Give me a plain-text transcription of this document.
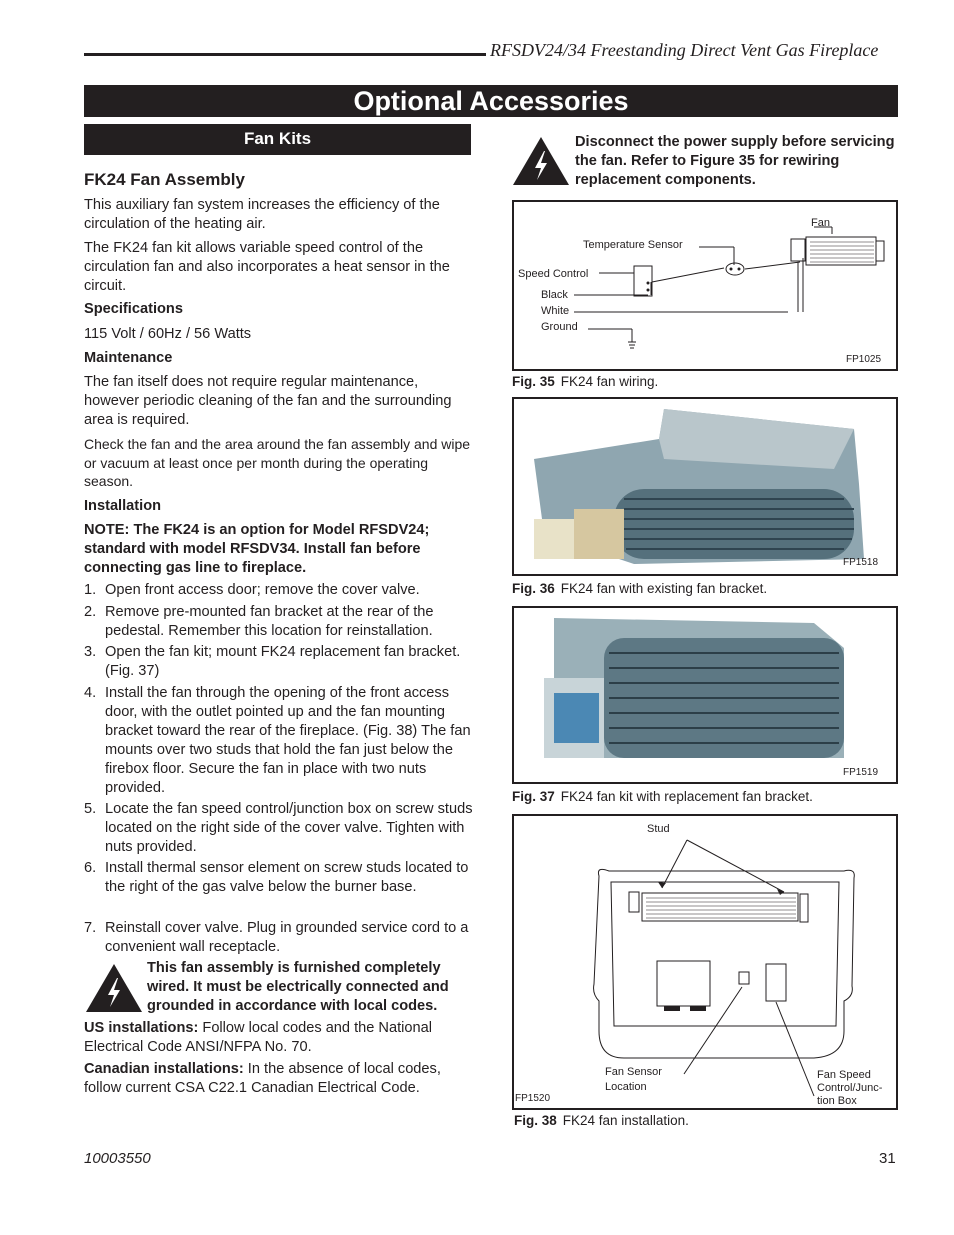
RFSDV24/34 Freestanding Direct Vent Gas Fireplace
Optional Accessories
Fan Kits
FK24 Fan Assembly
This auxiliary fan system increases the efficiency of the circulation of the heating air.
The FK24 fan kit allows variable speed control of the circulation fan and also incorporates a heat sensor in the circuit.
Specifications
115 Volt / 60Hz / 56 Watts
Maintenance
The fan itself does not require regular maintenance, however periodic cleaning of the fan and the surrounding area is required.
Check the fan and the area around the fan assembly and wipe or vacuum at least once per month during the operating season.
Installation
NOTE: The FK24 is an option for Model RFSDV24; standard with model RFSDV34. Install fan before connecting gas line to fireplace.
1. Open front access door; remove the cover valve.
2. Remove pre-mounted fan bracket at the rear of the pedestal. Remember this location for reinstallation.
3. Open the fan kit; mount FK24 replacement fan bracket. (Fig. 37)
4. Install the fan through the opening of the front access door, with the outlet pointed up and the fan mounting bracket toward the rear of the fireplace. (Fig. 38) The fan mounts over two studs that hold the fan just below the firebox floor. Secure the fan in place with two nuts provided.
5. Locate the fan speed control/junction box on screw studs located on the right side of the cover valve. Tighten with nuts provided.
6. Install thermal sensor element on screw studs located to the right of the gas valve below the burner base.
7. Reinstall cover valve. Plug in grounded service cord to a convenient wall receptacle.
This fan assembly is furnished completely wired. It must be electrically connected and grounded in accordance with local codes.
US installations: Follow local codes and the National Electrical Code ANSI/NFPA No. 70.
Canadian installations: In the absence of local codes, follow current CSA C22.1 Canadian Electrical Code.
Disconnect the power supply before servicing the fan. Refer to Figure 35 for rewiring replacement components.
Fan
Temperature Sensor
Speed Control
Black
White
Ground
FP1025
Fig. 35 FK24 fan wiring.
FP1518
Fig. 36 FK24 fan with existing fan bracket.
FP1519
Fig. 37 FK24 fan kit with replacement fan bracket.
Stud
Fan Sensor
Location
Fan Speed
Control/Junc-
tion Box
FP1520
Fig. 38 FK24 fan installation.
10003550	31
